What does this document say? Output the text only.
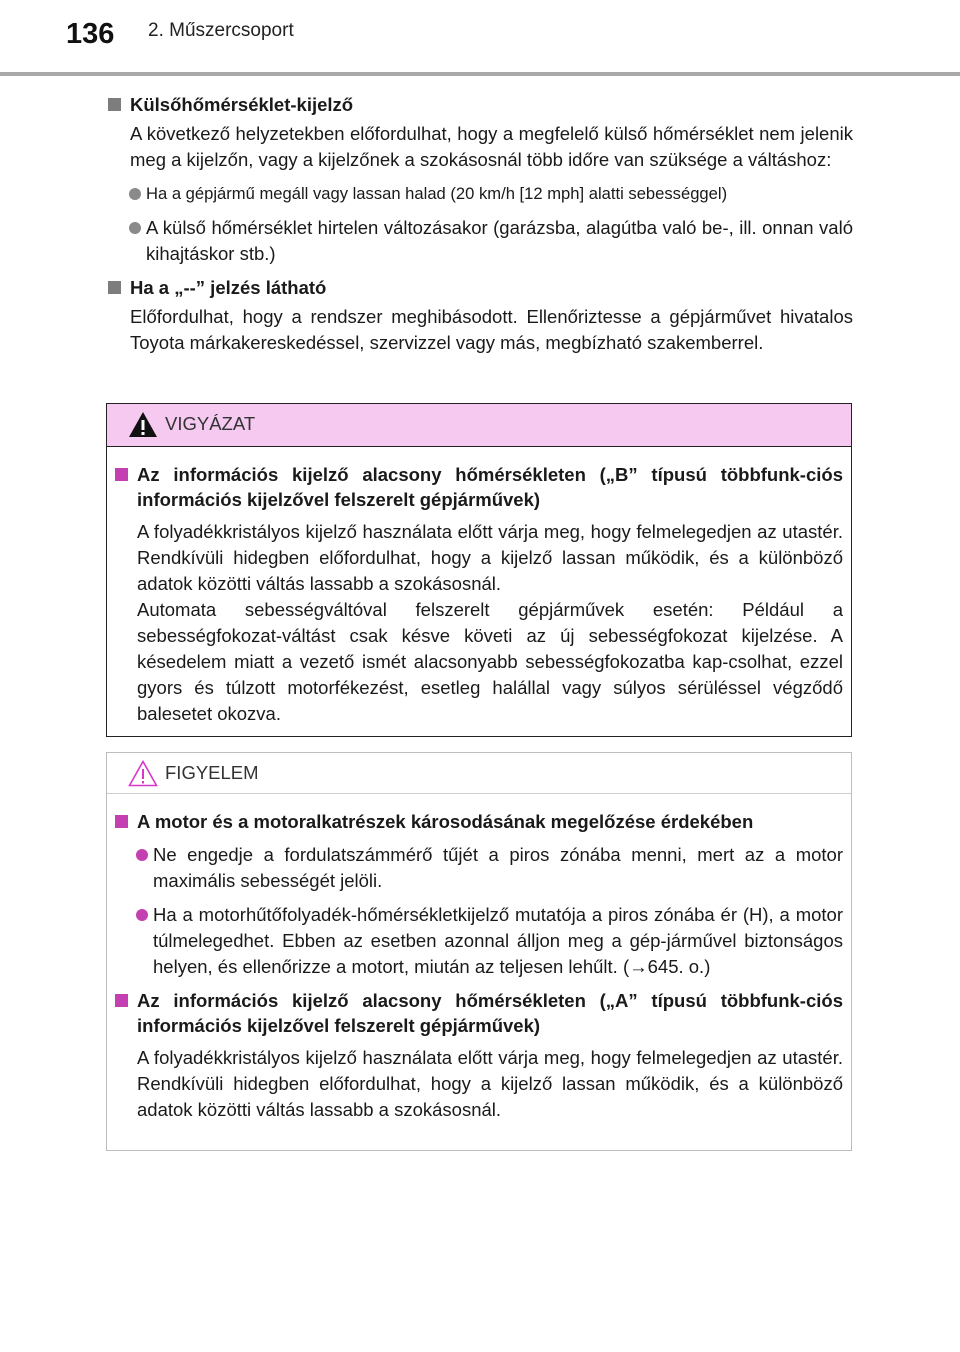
136 2. Műszercsoport
Külsőhőmérséklet-kijelző

A következő helyzetekben előfordulhat, hogy a megfelelő külső hőmérséklet nem jelenik meg a kijelzőn, vagy a kijelzőnek a szokásosnál több időre van szüksége a váltáshoz:

Ha a gépjármű megáll vagy lassan halad (20 km/h [12 mph] alatti sebességgel)
A külső hőmérséklet hirtelen változásakor (garázsba, alagútba való be-, ill. onnan való kihajtáskor stb.)
Ha a „--” jelzés látható

Előfordulhat, hogy a rendszer meghibásodott. Ellenőriztesse a gépjárművet hivatalos Toyota márkakereskedéssel, szervizzel vagy más, megbízható szakemberrel.

VIGYÁZAT
Az információs kijelző alacsony hőmérsékleten („B” típusú többfunk-ciós információs kijelzővel felszerelt gépjárművek)

A folyadékkristályos kijelző használata előtt várja meg, hogy felmelegedjen az utastér. Rendkívüli hidegben előfordulhat, hogy a kijelző lassan működik, és a különböző adatok közötti váltás lassabb a szokásosnál.

Automata sebességváltóval felszerelt gépjárművek esetén: Például a sebességfokozat-váltást csak késve követi az új sebességfokozat kijelzése. A késedelem miatt a vezető ismét alacsonyabb sebességfokozatba kap-csolhat, ezzel gyors és túlzott motorfékezést, esetleg halállal vagy súlyos sérüléssel végződő balesetet okozva.

FIGYELEM
A motor és a motoralkatrészek károsodásának megelőzése érdekében
Ne engedje a fordulatszámmérő tűjét a piros zónába menni, mert az a motor maximális sebességét jelöli.
Ha a motorhűtőfolyadék-hőmérsékletkijelző mutatója a piros zónába ér (H), a motor túlmelegedhet. Ebben az esetben azonnal álljon meg a gép-járművel biztonságos helyen, és ellenőrizze a motort, miután az teljesen lehűlt. (→645. o.)
Az információs kijelző alacsony hőmérsékleten („A” típusú többfunk-ciós információs kijelzővel felszerelt gépjárművek)

A folyadékkristályos kijelző használata előtt várja meg, hogy felmelegedjen az utastér. Rendkívüli hidegben előfordulhat, hogy a kijelző lassan működik, és a különböző adatok közötti váltás lassabb a szokásosnál.
